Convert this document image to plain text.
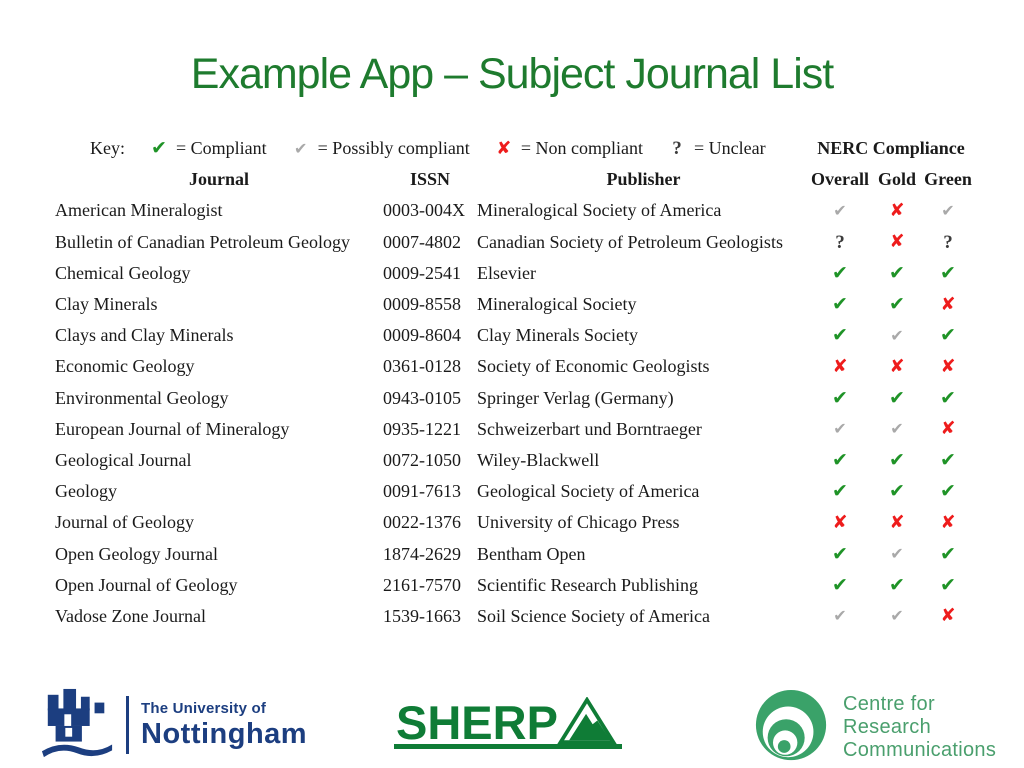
Example App – Subject Journal List
Key: ✔ = Compliant ✔ = Possibly compliant ✘ = Non compliant ? = Unclear	NERC Compliance
Journal	ISSN	Publisher	Overall Gold Green
American Mineralogist	0003-004X Mineralogical Society of America	✔	✘	✔
Bulletin of Canadian Petroleum Geology	0007-4802 Canadian Society of Petroleum Geologists	?	✘	?
Chemical Geology	0009-2541 Elsevier	✔	✔	✔
Clay Minerals	0009-8558 Mineralogical Society	✔	✔	✘
Clays and Clay Minerals	0009-8604 Clay Minerals Society	✔	✔	✔
Economic Geology	0361-0128 Society of Economic Geologists	✘	✘	✘
Environmental Geology	0943-0105 Springer Verlag (Germany)	✔	✔	✔
European Journal of Mineralogy	0935-1221 Schweizerbart und Borntraeger	✔	✔	✘
Geological Journal	0072-1050 Wiley-Blackwell	✔	✔	✔
Geology	0091-7613 Geological Society of America	✔	✔	✔
Journal of Geology	0022-1376 University of Chicago Press	✘	✘	✘
Open Geology Journal	1874-2629 Bentham Open	✔	✔	✔
Open Journal of Geology	2161-7570 Scientific Research Publishing	✔	✔	✔
Vadose Zone Journal	1539-1663 Soil Science Society of America	✔	✔	✘
The University of
Nottingham SHERP	Centre for
Research
Communications
